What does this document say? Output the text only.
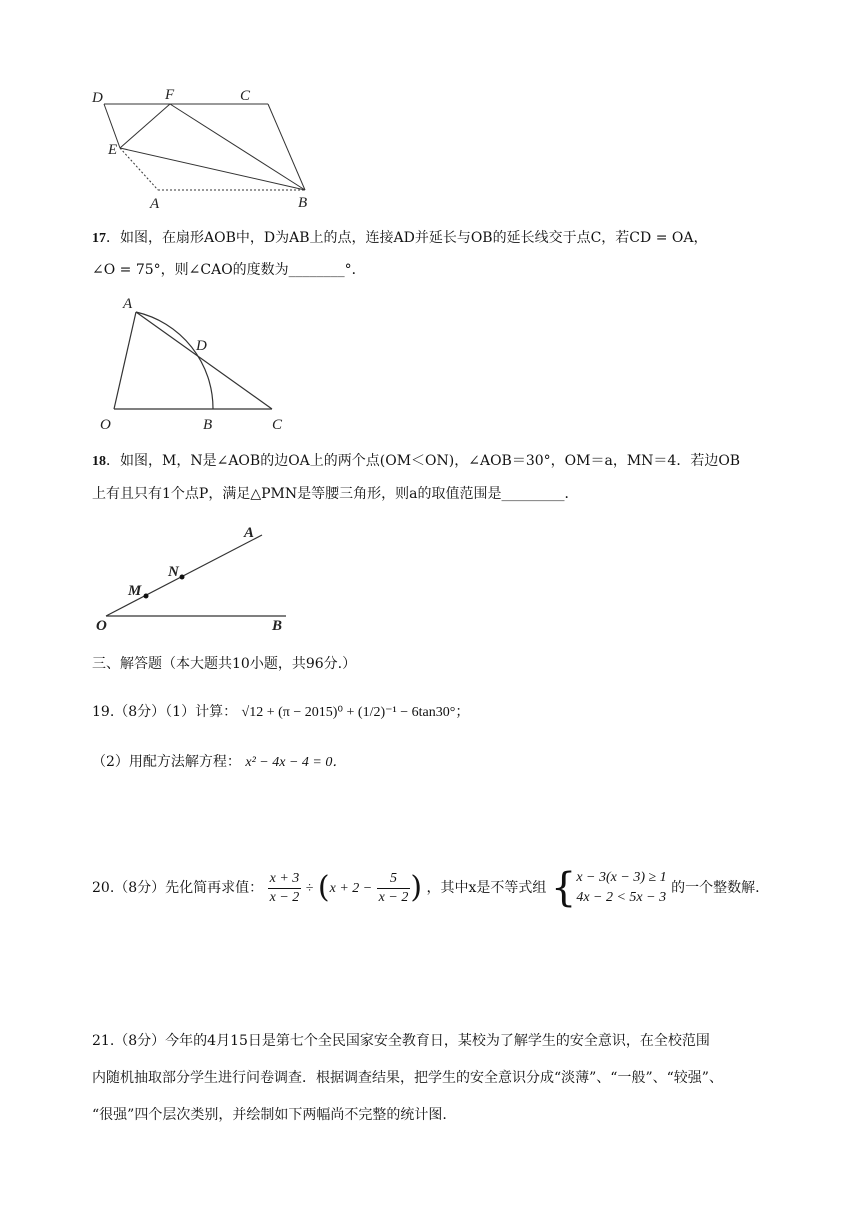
D	F	C
E
A	B
17．如图，在扇形AOB中，D为AB上的点，连接AD并延长与OB的延长线交于点C，若CD = OA，
∠O = 75°，则∠CAO的度数为________°．
A
D
O	B	C
18．如图，M，N是∠AOB的边OA上的两个点(OM＜ON)，∠AOB＝30°，OM＝a，MN＝4．若边OB
上有且只有1个点P，满足△PMN是等腰三角形，则a的取值范围是_________．
A
N
M
O	B
三、解答题（本大题共10小题，共96分.）
19.（8分）（1）计算： √12 + (π − 2015)⁰ + (1/2)⁻¹ − 6tan30°；
（2）用配方法解方程： x² − 4x − 4 = 0．
20.（8分）先化简再求值： $\frac{x + 3}{x - 2} \div (x + 2 - \frac{5}{x - 2}$ ) ，其中x是不等式组 { x − 3(x − 3) ≥ 1
4x − 2 < 5x − 3
的一个整数解.
21.（8分）今年的4月15日是第七个全民国家安全教育日，某校为了解学生的安全意识，在全校范围
内随机抽取部分学生进行问卷调查．根据调查结果，把学生的安全意识分成“淡薄”、“一般”、“较强”、
“很强”四个层次类别，并绘制如下两幅尚不完整的统计图.
